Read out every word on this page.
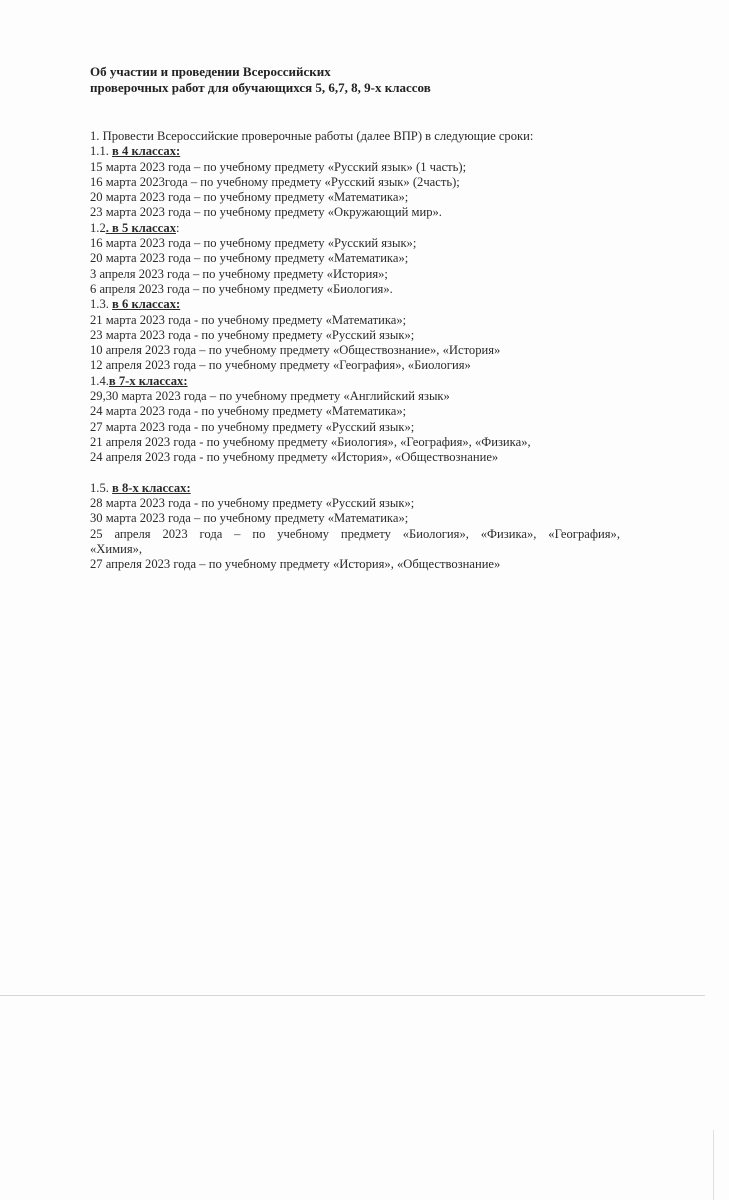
Об участии и проведении Всероссийских
проверочных работ для обучающихся 5, 6,7, 8, 9-х классов
1. Провести Всероссийские проверочные работы (далее ВПР) в следующие сроки:
1.1. в 4 классах:
15 марта 2023 года – по учебному предмету «Русский язык» (1 часть);
16 марта 2023года – по учебному предмету «Русский язык» (2часть);
20 марта 2023 года – по учебному предмету «Математика»;
23 марта 2023 года – по учебному предмету «Окружающий мир».
1.2. в 5 классах:
16 марта 2023 года – по учебному предмету «Русский язык»;
20 марта 2023 года – по учебному предмету «Математика»;
3 апреля 2023 года – по учебному предмету «История»;
6 апреля 2023 года – по учебному предмету «Биология».
1.3. в 6 классах:
21 марта 2023 года - по учебному предмету «Математика»;
23 марта 2023 года - по учебному предмету «Русский язык»;
10 апреля 2023 года – по учебному предмету «Обществознание», «История»
12 апреля 2023 года – по учебному предмету «География», «Биология»
1.4.в 7-х классах:
29,30 марта 2023 года – по учебному предмету «Английский язык»
24 марта 2023 года - по учебному предмету «Математика»;
27 марта 2023 года - по учебному предмету «Русский язык»;
21 апреля 2023 года - по учебному предмету «Биология», «География», «Физика»,
24 апреля 2023 года - по учебному предмету «История», «Обществознание»
1.5. в 8-х классах:
28 марта 2023 года - по учебному предмету «Русский язык»;
30 марта 2023 года – по учебному предмету «Математика»;
25 апреля 2023 года – по учебному предмету «Биология», «Физика», «География»,
«Химия»,
27 апреля 2023 года – по учебному предмету «История», «Обществознание»
